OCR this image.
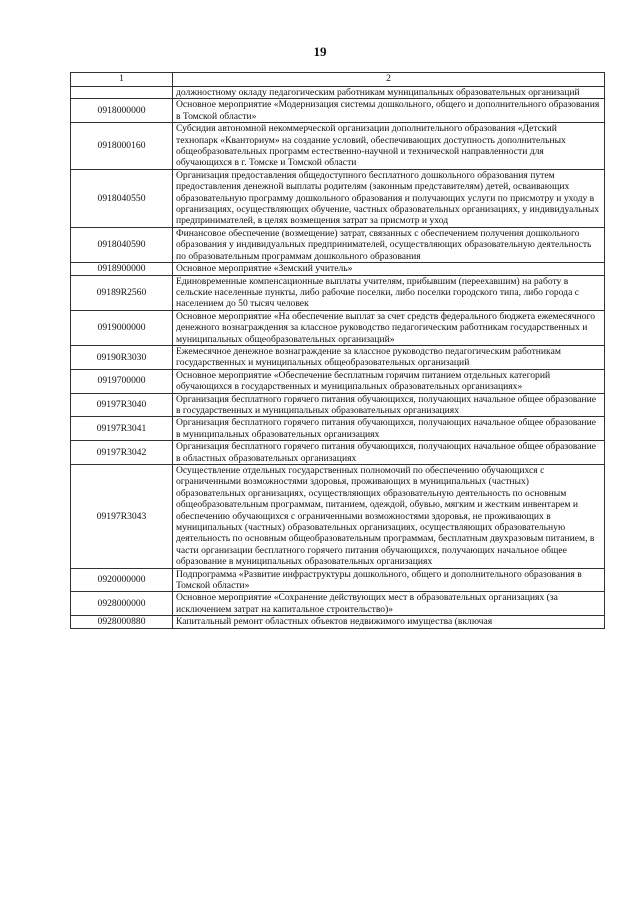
19
1	2
	должностному окладу педагогическим работникам муниципальных образовательных организаций
0918000000	Основное мероприятие «Модернизация системы дошкольного, общего и дополнительного образования в Томской области»
0918000160	Субсидия автономной некоммерческой организации дополнительного образования «Детский технопарк «Кванториум» на создание условий, обеспечивающих доступность дополнительных общеобразовательных программ естественно-научной и технической направленности для обучающихся в г. Томске и Томской области
0918040550	Организация предоставления общедоступного бесплатного дошкольного образования путем предоставления денежной выплаты родителям (законным представителям) детей, осваивающих образовательную программу дошкольного образования и получающих услуги по присмотру и уходу в организациях, осуществляющих обучение, частных образовательных организациях, у индивидуальных предпринимателей, в целях возмещения затрат за присмотр и уход
0918040590	Финансовое обеспечение (возмещение) затрат, связанных с обеспечением получения дошкольного образования у индивидуальных предпринимателей, осуществляющих образовательную деятельность по образовательным программам дошкольного образования
0918900000	Основное мероприятие «Земский учитель»
09189R2560	Единовременные компенсационные выплаты учителям, прибывшим (переехавшим) на работу в сельские населенные пункты, либо рабочие поселки, либо поселки городского типа, либо города с населением до 50 тысяч человек
0919000000	Основное мероприятие «На обеспечение выплат за счет средств федерального бюджета ежемесячного денежного вознаграждения за классное руководство педагогическим работникам государственных и муниципальных общеобразовательных организаций»
09190R3030	Ежемесячное денежное вознаграждение за классное руководство педагогическим работникам государственных и муниципальных общеобразовательных организаций
0919700000	Основное мероприятие «Обеспечение бесплатным горячим питанием отдельных категорий обучающихся в государственных и муниципальных образовательных организациях»
09197R3040	Организация бесплатного горячего питания обучающихся, получающих начальное общее образование в государственных и муниципальных образовательных организациях
09197R3041	Организация бесплатного горячего питания обучающихся, получающих начальное общее образование в муниципальных образовательных организациях
09197R3042	Организация бесплатного горячего питания обучающихся, получающих начальное общее образование в областных образовательных организациях
09197R3043	Осуществление отдельных государственных полномочий по обеспечению обучающихся с ограниченными возможностями здоровья, проживающих в муниципальных (частных) образовательных организациях, осуществляющих образовательную деятельность по основным общеобразовательным программам, питанием, одеждой, обувью, мягким и жестким инвентарем и обеспечению обучающихся с ограниченными возможностями здоровья, не проживающих в муниципальных (частных) образовательных организациях, осуществляющих образовательную деятельность по основным общеобразовательным программам, бесплатным двухразовым питанием, в части организации бесплатного горячего питания обучающихся, получающих начальное общее образование в муниципальных образовательных организациях
0920000000	Подпрограмма «Развитие инфраструктуры дошкольного, общего и дополнительного образования в Томской области»
0928000000	Основное мероприятие «Сохранение действующих мест в образовательных организациях (за исключением затрат на капитальное строительство)»
0928000880	Капитальный ремонт областных объектов недвижимого имущества (включая
